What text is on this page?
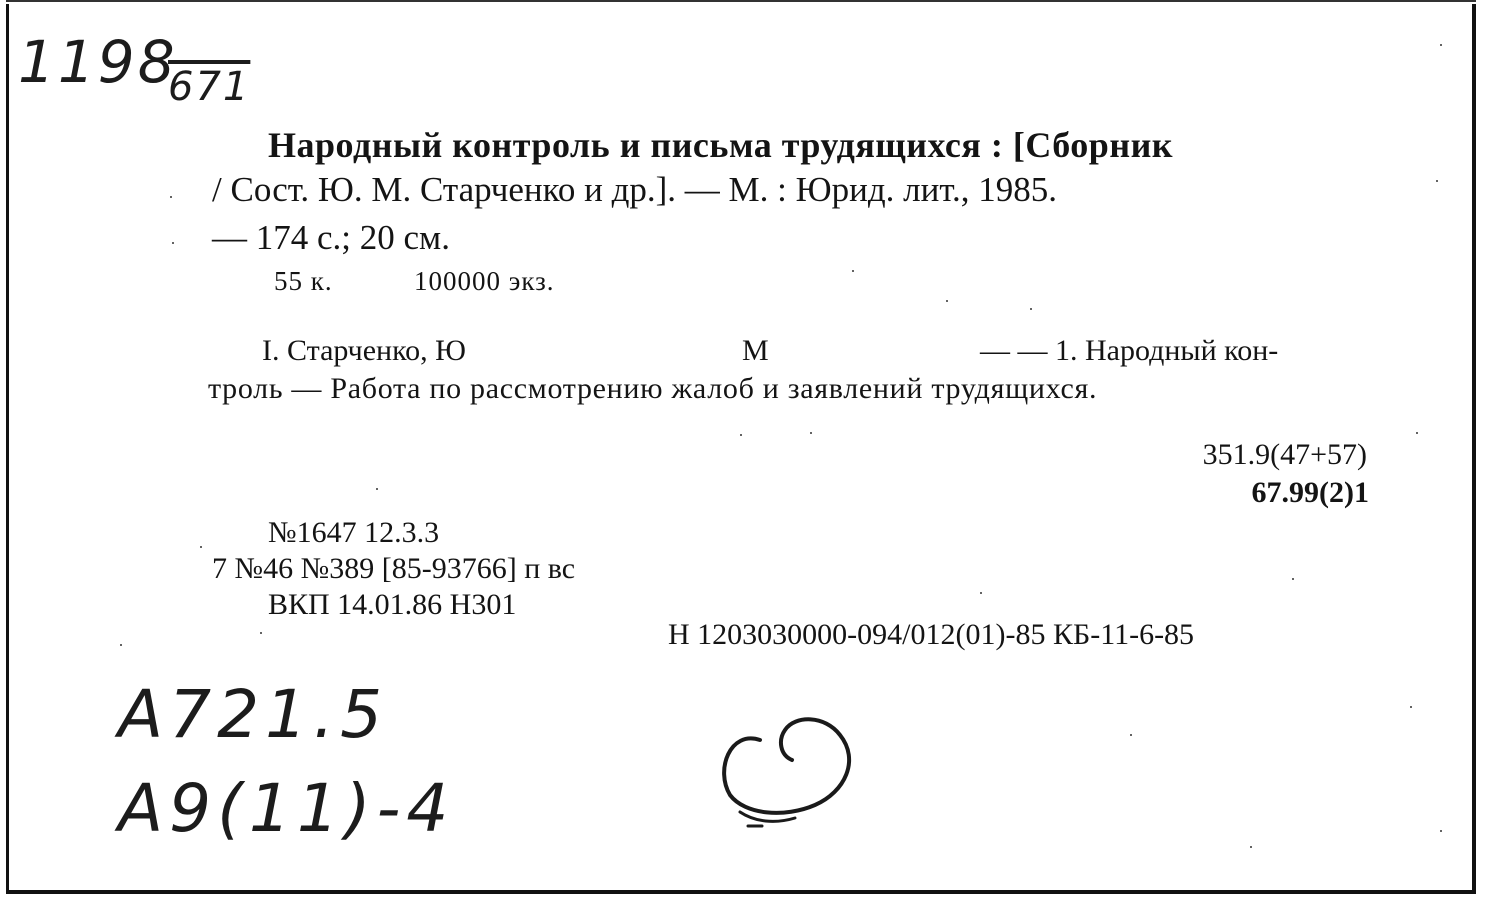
1198
671
Народный контроль и письма трудящихся : [Сборник
/ Сост. Ю. М. Старченко и др.]. — М. : Юрид. лит., 1985.
— 174 с.; 20 см.
55 к.	100000 экз.
I. Старченко, Ю	М	— — 1. Народный кон-
троль — Работа по рассмотрению жалоб и заявлений трудящихся.
351.9(47+57)
67.99(2)1
№1647 12.3.3
7 №46 №389 [85-93766] п вс
ВКП 14.01.86 Н301
Н 1203030000-094/012(01)-85 КБ-11-6-85
A721.5
A9(11)-4
